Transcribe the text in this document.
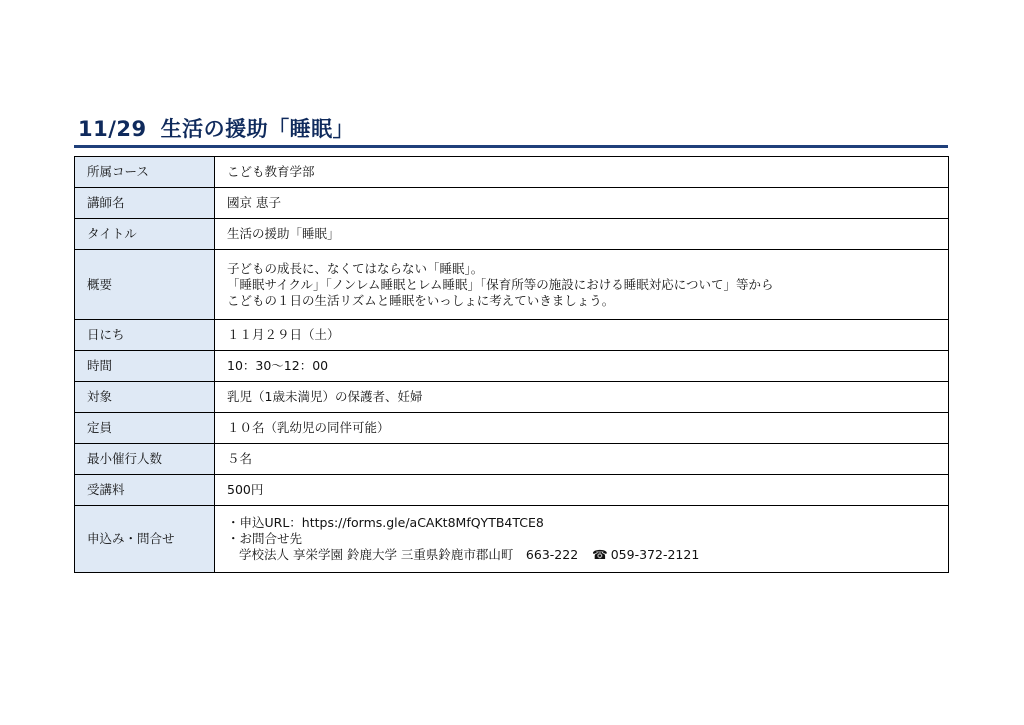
11/29 生活の援助「睡眠」
所属コース	こども教育学部
講師名	國京 恵子
タイトル	生活の援助「睡眠」
概要	子どもの成長に、なくてはならない「睡眠」。
「睡眠サイクル」「ノンレム睡眠とレム睡眠」「保育所等の施設における睡眠対応について」等から
こどもの１日の生活リズムと睡眠をいっしょに考えていきましょう。

日にち	１１月２９日（土）
時間	10：30〜12：00
対象	乳児（1歳未満児）の保護者、妊婦
定員	１０名（乳幼児の同伴可能）
最小催行人数	５名
受講料	500円
申込み・問合せ	・申込URL：https://forms.gle/aCAKt8MfQYTB4TCE8
・お問合せ先
学校法人 享栄学園 鈴鹿大学 三重県鈴鹿市郡山町　663-222 ☎ 059-372-2121
